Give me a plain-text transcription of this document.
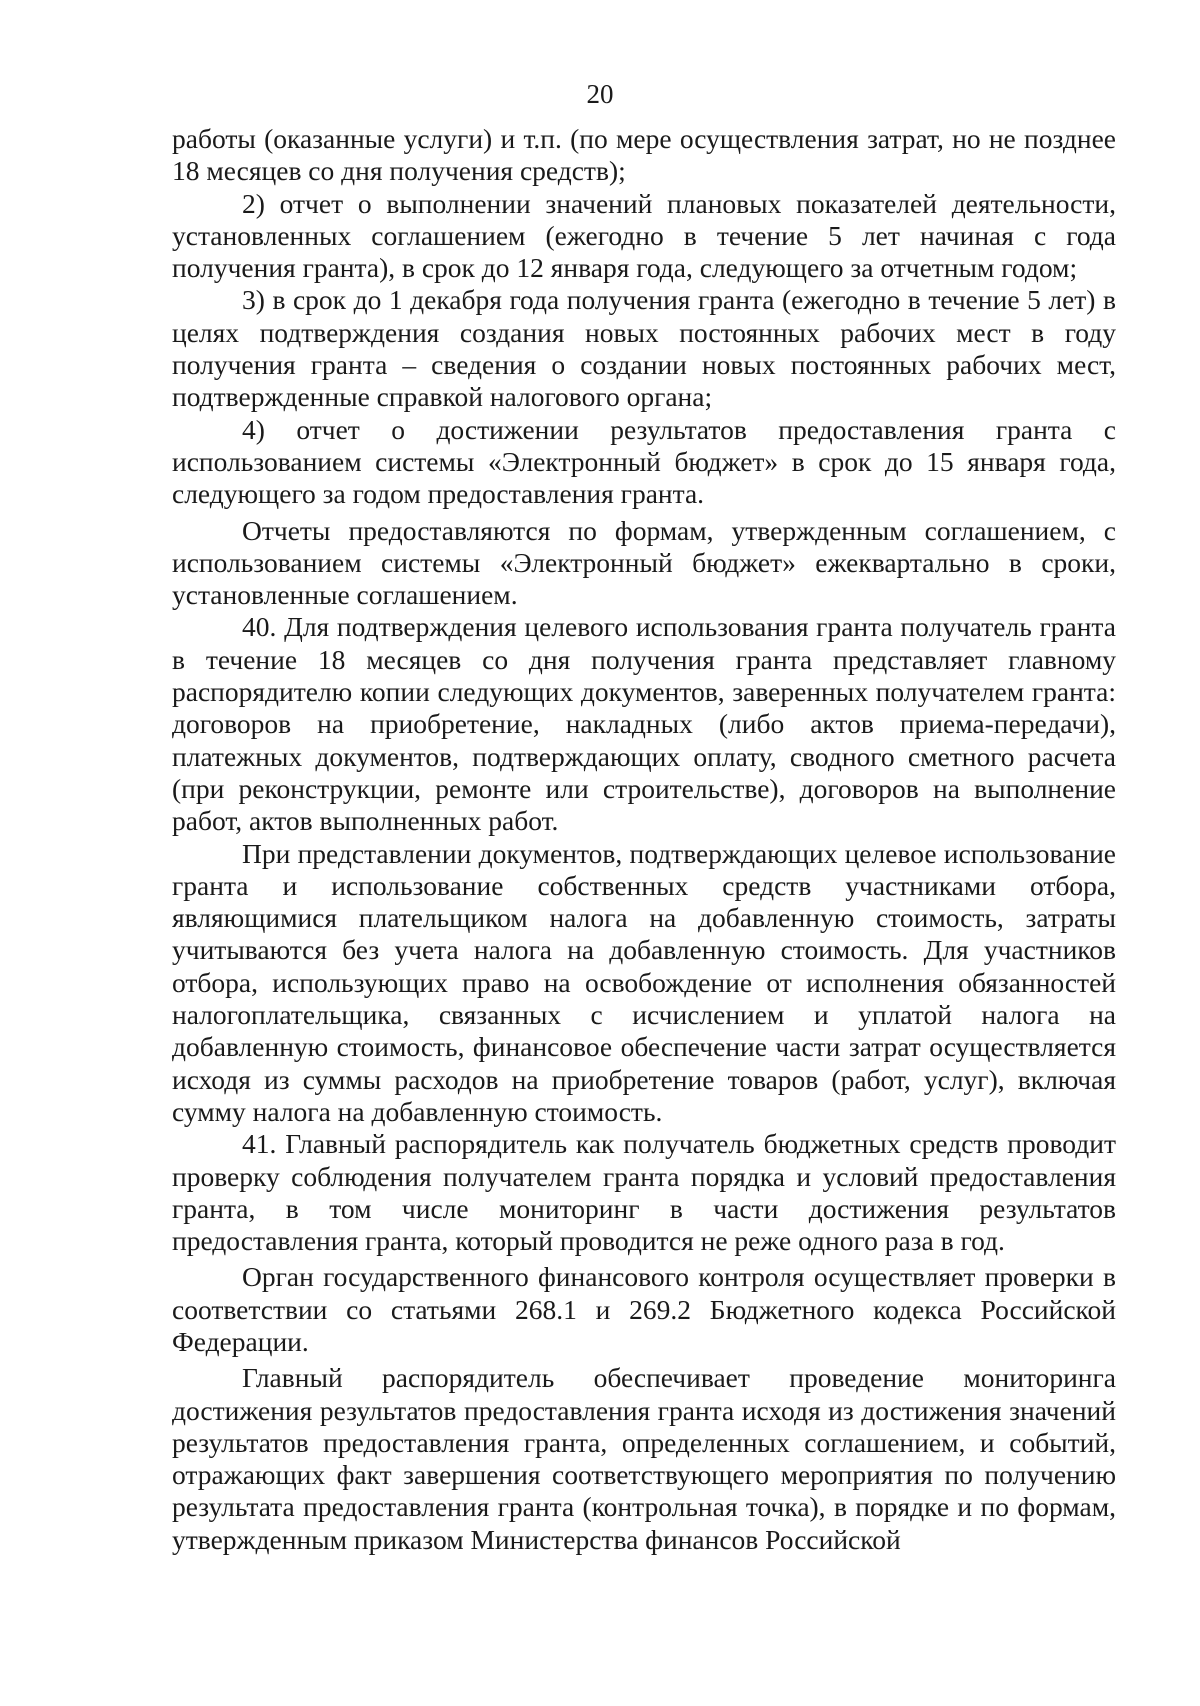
20

работы (оказанные услуги) и т.п. (по мере осуществления затрат, но не позднее 18 месяцев со дня получения средств);

2) отчет о выполнении значений плановых показателей деятельности, установленных соглашением (ежегодно в течение 5 лет начиная с года получения гранта), в срок до 12 января года, следующего за отчетным годом;

3) в срок до 1 декабря года получения гранта (ежегодно в течение 5 лет) в целях подтверждения создания новых постоянных рабочих мест в году получения гранта – сведения о создании новых постоянных рабочих мест, подтвержденные справкой налогового органа;

4) отчет о достижении результатов предоставления гранта с использованием системы «Электронный бюджет» в срок до 15 января года, следующего за годом предоставления гранта.

Отчеты предоставляются по формам, утвержденным соглашением, с использованием системы «Электронный бюджет» ежеквартально в сроки, установленные соглашением.

40. Для подтверждения целевого использования гранта получатель гранта в течение 18 месяцев со дня получения гранта представляет главному распорядителю копии следующих документов, заверенных получателем гранта: договоров на приобретение, накладных (либо актов приема-передачи), платежных документов, подтверждающих оплату, сводного сметного расчета (при реконструкции, ремонте или строительстве), договоров на выполнение работ, актов выполненных работ.

При представлении документов, подтверждающих целевое использование гранта и использование собственных средств участниками отбора, являющимися плательщиком налога на добавленную стоимость, затраты учитываются без учета налога на добавленную стоимость. Для участников отбора, использующих право на освобождение от исполнения обязанностей налогоплательщика, связанных с исчислением и уплатой налога на добавленную стоимость, финансовое обеспечение части затрат осуществляется исходя из суммы расходов на приобретение товаров (работ, услуг), включая сумму налога на добавленную стоимость.

41. Главный распорядитель как получатель бюджетных средств проводит проверку соблюдения получателем гранта порядка и условий предоставления гранта, в том числе мониторинг в части достижения результатов предоставления гранта, который проводится не реже одного раза в год.

Орган государственного финансового контроля осуществляет проверки в соответствии со статьями 268.1 и 269.2 Бюджетного кодекса Российской Федерации.

Главный распорядитель обеспечивает проведение мониторинга достижения результатов предоставления гранта исходя из достижения значений результатов предоставления гранта, определенных соглашением, и событий, отражающих факт завершения соответствующего мероприятия по получению результата предоставления гранта (контрольная точка), в порядке и по формам, утвержденным приказом Министерства финансов Российской
